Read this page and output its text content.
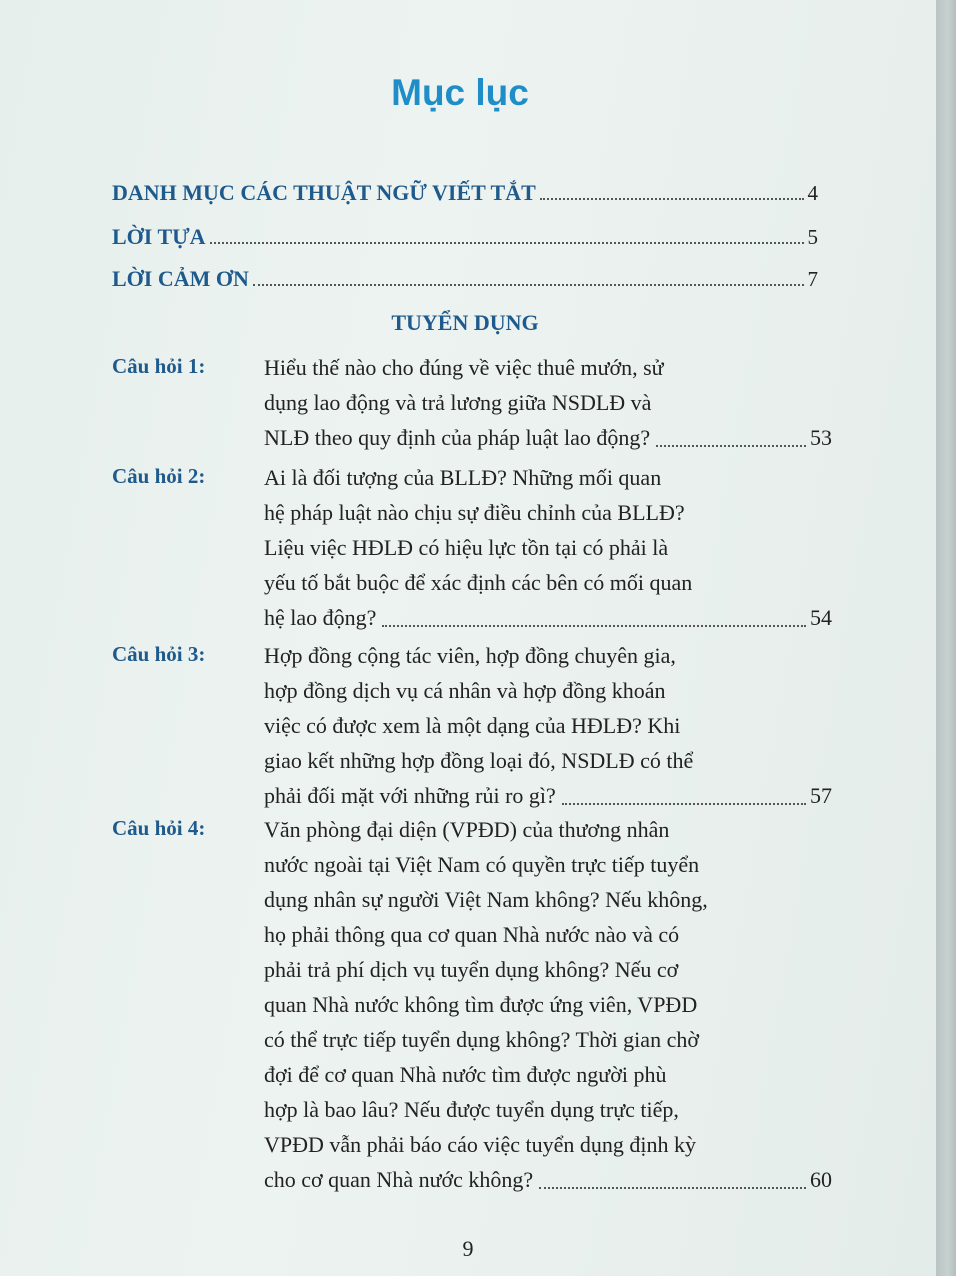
Mục lục
DANH MỤC CÁC THUẬT NGỮ VIẾT TẮT	4
LỜI TỰA	5
LỜI CẢM ƠN	7
TUYỂN DỤNG
Câu hỏi 1:	Hiểu thế nào cho đúng về việc thuê mướn, sử
dụng lao động và trả lương giữa NSDLĐ và
NLĐ theo quy định của pháp luật lao động?	53
Câu hỏi 2:	Ai là đối tượng của BLLĐ? Những mối quan
hệ pháp luật nào chịu sự điều chỉnh của BLLĐ?
Liệu việc HĐLĐ có hiệu lực tồn tại có phải là
yếu tố bắt buộc để xác định các bên có mối quan
hệ lao động?	54
Câu hỏi 3:	Hợp đồng cộng tác viên, hợp đồng chuyên gia,
hợp đồng dịch vụ cá nhân và hợp đồng khoán
việc có được xem là một dạng của HĐLĐ? Khi
giao kết những hợp đồng loại đó, NSDLĐ có thể
phải đối mặt với những rủi ro gì?	57
Câu hỏi 4:	Văn phòng đại diện (VPĐD) của thương nhân
nước ngoài tại Việt Nam có quyền trực tiếp tuyển
dụng nhân sự người Việt Nam không? Nếu không,
họ phải thông qua cơ quan Nhà nước nào và có
phải trả phí dịch vụ tuyển dụng không? Nếu cơ
quan Nhà nước không tìm được ứng viên, VPĐD
có thể trực tiếp tuyển dụng không? Thời gian chờ
đợi để cơ quan Nhà nước tìm được người phù
hợp là bao lâu? Nếu được tuyển dụng trực tiếp,
VPĐD vẫn phải báo cáo việc tuyển dụng định kỳ
cho cơ quan Nhà nước không?	60
9
